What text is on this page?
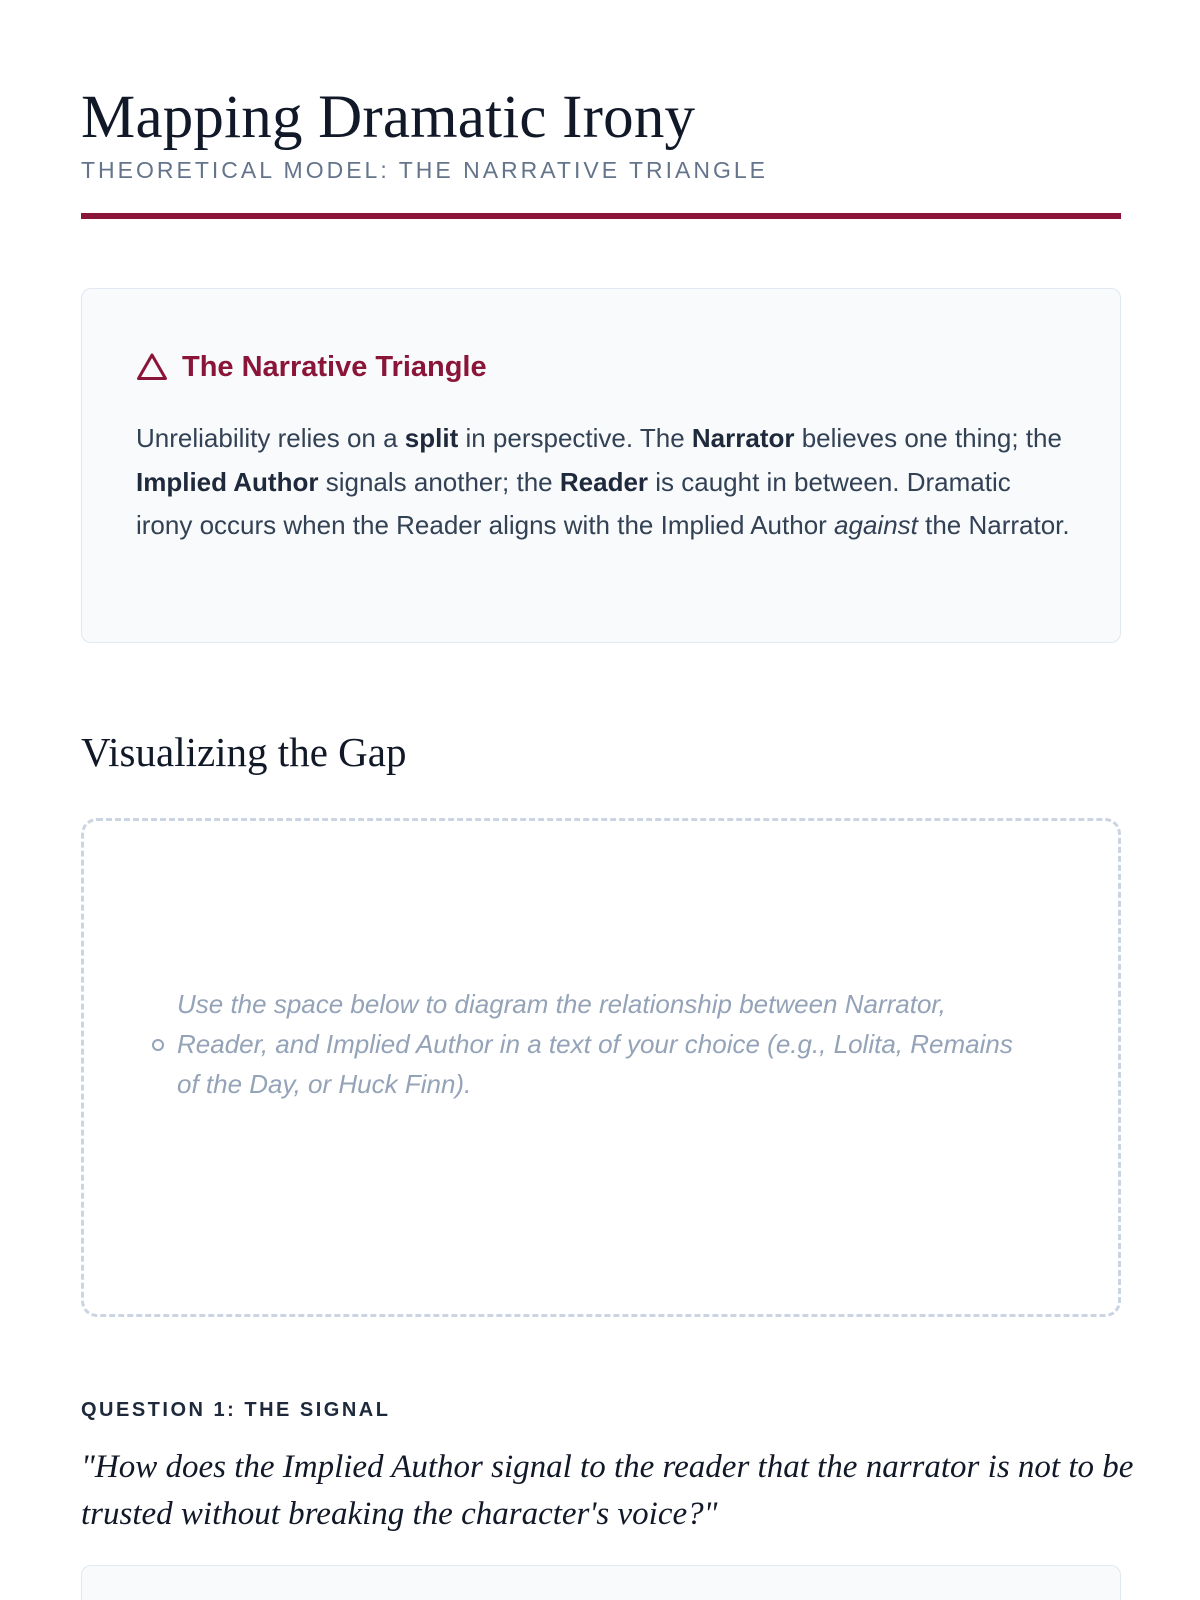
Mapping Dramatic Irony
THEORETICAL MODEL: THE NARRATIVE TRIANGLE
The Narrative Triangle

Unreliability relies on a split in perspective. The Narrator believes one thing; the Implied Author signals another; the Reader is caught in between. Dramatic irony occurs when the Reader aligns with the Implied Author against the Narrator.

Visualizing the Gap

Use the space below to diagram the relationship between Narrator, Reader, and Implied Author in a text of your choice (e.g., Lolita, Remains of the Day, or Huck Finn).

QUESTION 1: THE SIGNAL

"How does the Implied Author signal to the reader that the narrator is not to be trusted without breaking the character's voice?"
